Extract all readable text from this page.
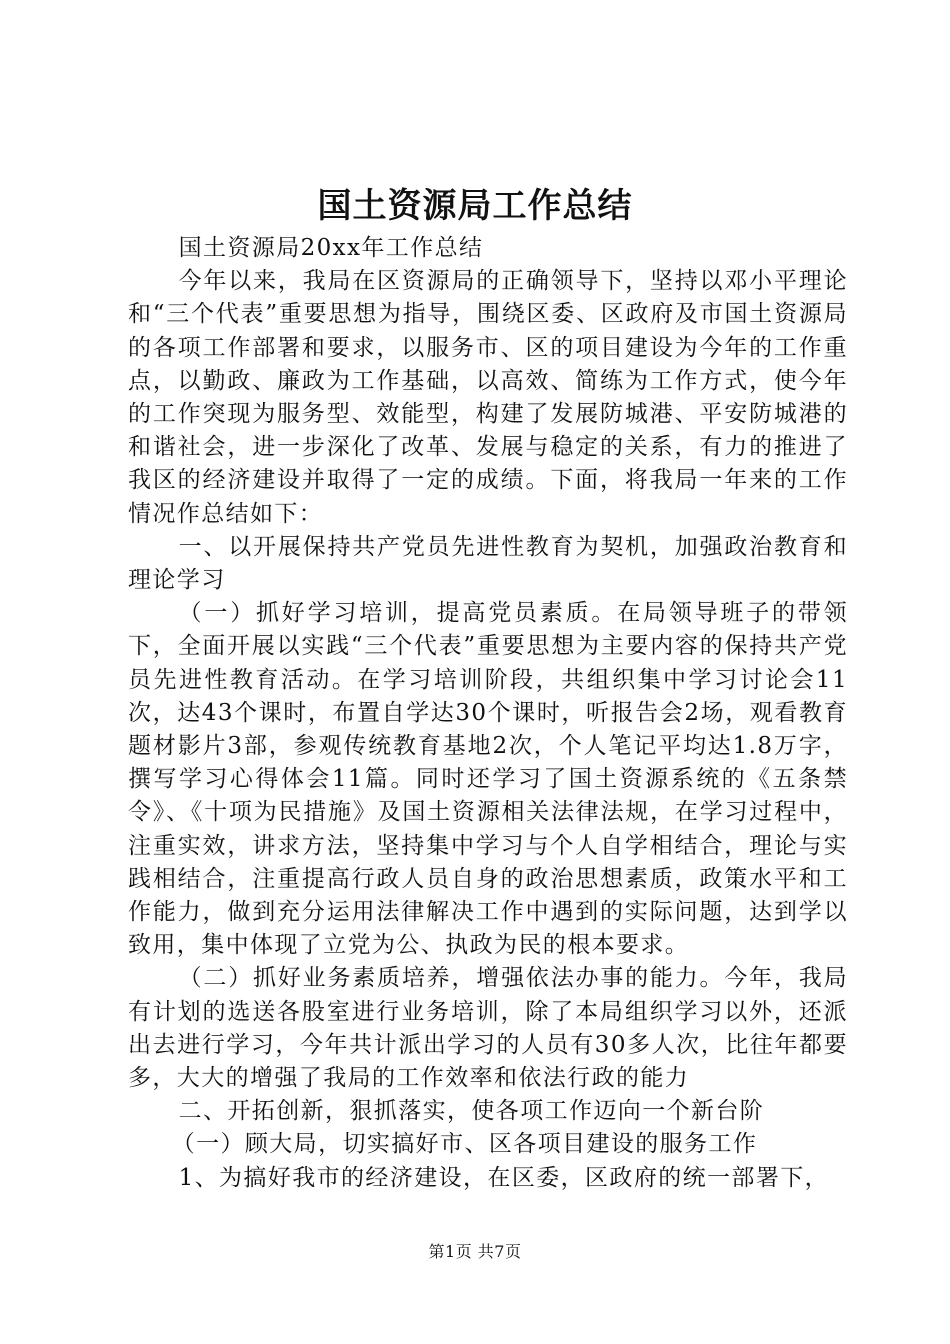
国土资源局工作总结

国土资源局20xx年工作总结

今年以来，我局在区资源局的正确领导下，坚持以邓小平理论和“三个代表”重要思想为指导，围绕区委、区政府及市国土资源局的各项工作部署和要求，以服务市、区的项目建设为今年的工作重点，以勤政、廉政为工作基础，以高效、简练为工作方式，使今年的工作突现为服务型、效能型，构建了发展防城港、平安防城港的和谐社会，进一步深化了改革、发展与稳定的关系，有力的推进了我区的经济建设并取得了一定的成绩。下面，将我局一年来的工作情况作总结如下：

一、以开展保持共产党员先进性教育为契机，加强政治教育和理论学习

（一）抓好学习培训，提高党员素质。在局领导班子的带领下，全面开展以实践“三个代表”重要思想为主要内容的保持共产党员先进性教育活动。在学习培训阶段，共组织集中学习讨论会11次，达43个课时，布置自学达30个课时，听报告会2场，观看教育题材影片3部，参观传统教育基地2次，个人笔记平均达1.8万字，撰写学习心得体会11篇。同时还学习了国土资源系统的《五条禁令》、《十项为民措施》及国土资源相关法律法规，在学习过程中，注重实效，讲求方法，坚持集中学习与个人自学相结合，理论与实践相结合，注重提高行政人员自身的政治思想素质，政策水平和工作能力，做到充分运用法律解决工作中遇到的实际问题，达到学以致用，集中体现了立党为公、执政为民的根本要求。

（二）抓好业务素质培养，增强依法办事的能力。今年，我局有计划的选送各股室进行业务培训，除了本局组织学习以外，还派出去进行学习，今年共计派出学习的人员有30多人次，比往年都要多，大大的增强了我局的工作效率和依法行政的能力

二、开拓创新，狠抓落实，使各项工作迈向一个新台阶

（一）顾大局，切实搞好市、区各项目建设的服务工作

1、为搞好我市的经济建设，在区委，区政府的统一部署下，

第1页 共7页
